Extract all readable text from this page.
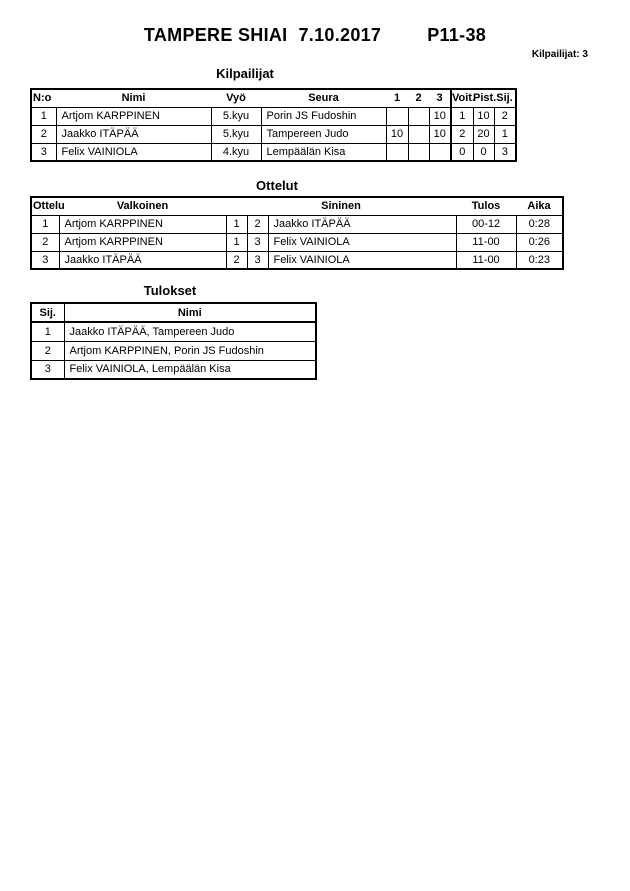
TAMPERE SHIAI 7.10.2017	P11-38
Kilpailijat: 3
Kilpailijat
N:o	Nimi	Vyö	Seura	1	2	3	Voit.	Pist.	Sij.
1	Artjom KARPPINEN	5.kyu	Porin JS Fudoshin			10	1	10	2
2	Jaakko ITÄPÄÄ	5.kyu	Tampereen Judo	10		10	2	20	1
3	Felix VAINIOLA	4.kyu	Lempäälän Kisa				0	0	3
Ottelut
Ottelu	Valkoinen	Sininen			Tulos	Aika
1	Artjom KARPPINEN	1	2	Jaakko ITÄPÄÄ	00-12	0:28
2	Artjom KARPPINEN	1	3	Felix VAINIOLA	11-00	0:26
3	Jaakko ITÄPÄÄ	2	3	Felix VAINIOLA	11-00	0:23
Tulokset
Sij.	Nimi
1	Jaakko ITÄPÄÄ, Tampereen Judo
2	Artjom KARPPINEN, Porin JS Fudoshin
3	Felix VAINIOLA, Lempäälän Kisa
